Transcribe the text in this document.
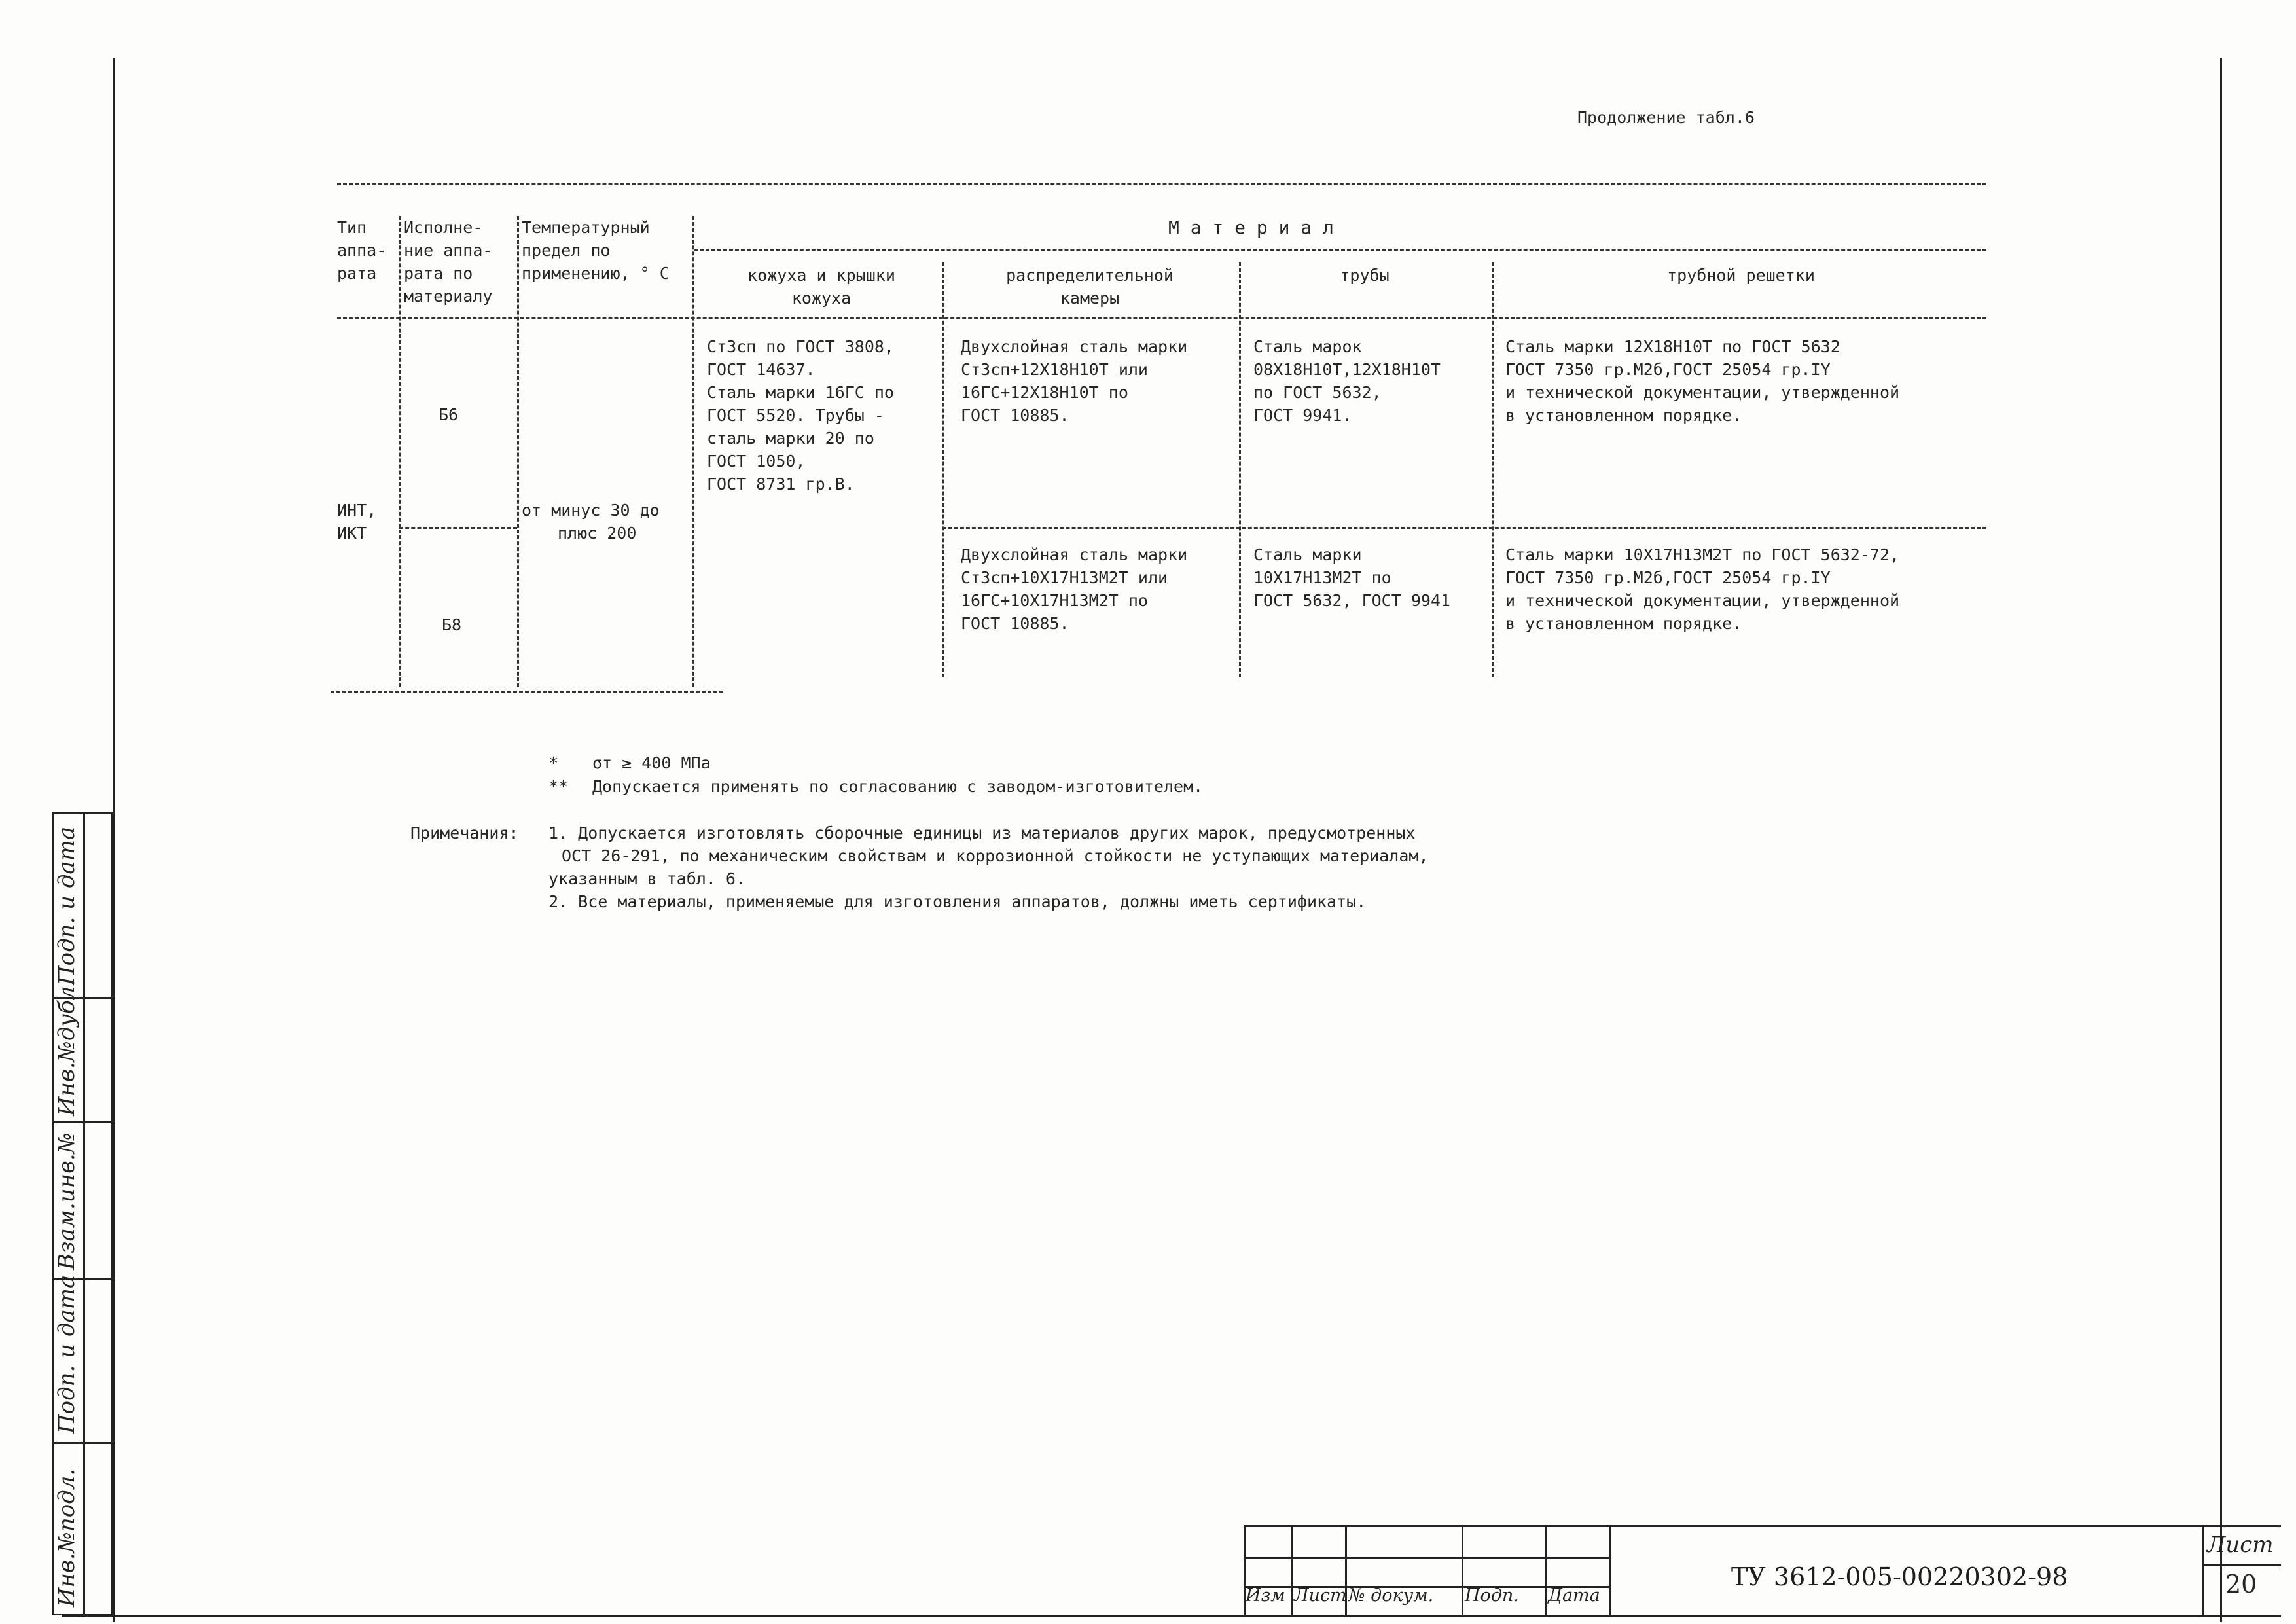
Инв.№подл.
Подп. и дата
Взам.инв.№
Инв.№дубл.
Подп. и дата
Продолжение табл.6
Тип
аппа-
рата
Исполне-
ние аппа-
рата по
материалу
Температурный
предел по
применению, ° С
М а т е р и а л
кожуха и крышки
кожуха
распределительной
камеры
трубы	трубной решетки
ИНТ,
ИКТ
Б6
Б8
от минус 30 до
плюс 200
Ст3сп по ГОСТ 3808,
ГОСТ 14637.
Сталь марки 16ГС по
ГОСТ 5520. Трубы -
сталь марки 20 по
ГОСТ 1050,
ГОСТ 8731 гр.В.
Двухслойная сталь марки
Ст3сп+12Х18Н10Т или
16ГС+12Х18Н10Т по
ГОСТ 10885.
Сталь марок
08Х18Н10Т,12Х18Н10Т
по ГОСТ 5632,
ГОСТ 9941.
Сталь марки 12Х18Н10Т по ГОСТ 5632
ГОСТ 7350 гр.М2б,ГОСТ 25054 гр.IY
и технической документации, утвержденной
в установленном порядке.
Двухслойная сталь марки
Ст3сп+10Х17Н13М2Т или
16ГС+10Х17Н13М2Т по
ГОСТ 10885.
Сталь марки
10Х17Н13М2Т по
ГОСТ 5632, ГОСТ 9941
Сталь марки 10Х17Н13М2Т по ГОСТ 5632-72,
ГОСТ 7350 гр.М2б,ГОСТ 25054 гр.IY
и технической документации, утвержденной
в установленном порядке.
* σт ≥ 400 МПа
** Допускается применять по согласованию с заводом-изготовителем.
Примечания: 1. Допускается изготовлять сборочные единицы из материалов других марок, предусмотренных
ОСТ 26-291, по механическим свойствам и коррозионной стойкости не уступающих материалам,
указанным в табл. 6.
2. Все материалы, применяемые для изготовления аппаратов, должны иметь сертификаты.
Изм Лист № докум. Подп. Дата
ТУ 3612-005-00220302-98
Лист
20
